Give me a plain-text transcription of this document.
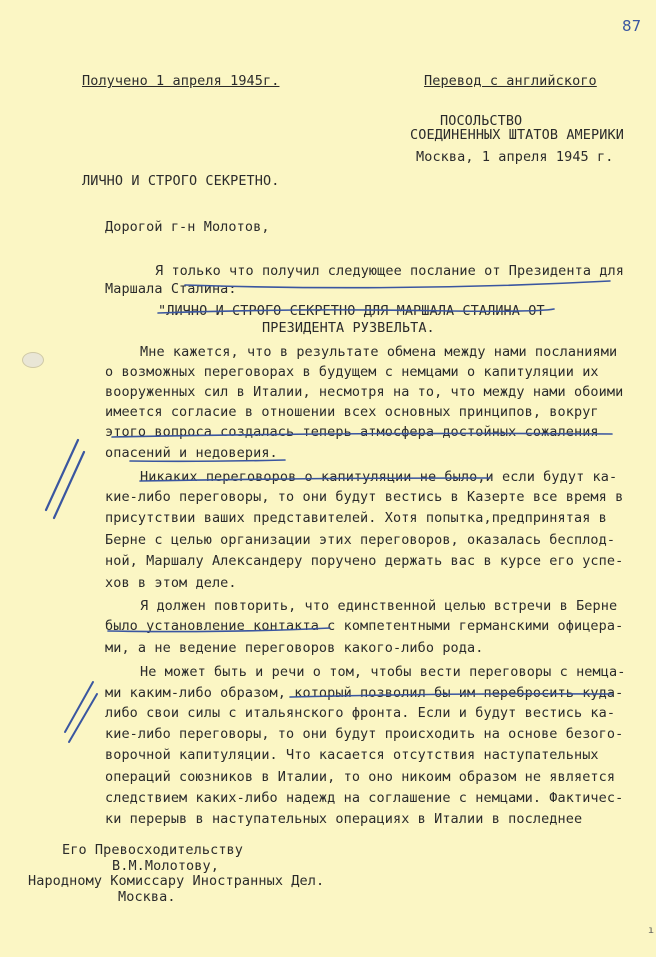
87
Получено 1 апреля 1945г.	Перевод с английского
ПОСОЛЬСТВО
СОЕДИНЕННЫХ ШТАТОВ АМЕРИКИ
Москва, 1 апреля 1945 г.
ЛИЧНО И СТРОГО СЕКРЕТНО.
Дорогой г-н Молотов,
Я только что получил следующее послание от Президента для
Маршала Сталина:
"ЛИЧНО И СТРОГО СЕКРЕТНО ДЛЯ МАРШАЛА СТАЛИНА ОТ
ПРЕЗИДЕНТА РУЗВЕЛЬТА.
Мне кажется, что в результате обмена между нами посланиями
о возможных переговорах в будущем с немцами о капитуляции их
вооруженных сил в Италии, несмотря на то, что между нами обоими
имеется согласие в отношении всех основных принципов, вокруг
этого вопроса создалась теперь атмосфера достойных сожаления
опасений и недоверия.
Никаких переговоров о капитуляции не было,и если будут ка-
кие-либо переговоры, то они будут вестись в Казерте все время в
присутствии ваших представителей. Хотя попытка,предпринятая в
Берне с целью организации этих переговоров, оказалась бесплод-
ной, Маршалу Александеру поручено держать вас в курсе его успе-
хов в этом деле.
Я должен повторить, что единственной целью встречи в Берне
было установление контакта с компетентными германскими офицера-
ми, а не ведение переговоров какого-либо рода.
Не может быть и речи о том, чтобы вести переговоры с немца-
ми каким-либо образом, который позволил бы им перебросить куда-
либо свои силы с итальянского фронта. Если и будут вестись ка-
кие-либо переговоры, то они будут происходить на основе безого-
ворочной капитуляции. Что касается отсутствия наступательных
операций союзников в Италии, то оно никоим образом не является
следствием каких-либо надежд на соглашение с немцами. Фактичес-
ки перерыв в наступательных операциях в Италии в последнее
Его Превосходительству
В.М.Молотову,
Народному Комиссару Иностранных Дел.
Москва.
ı
